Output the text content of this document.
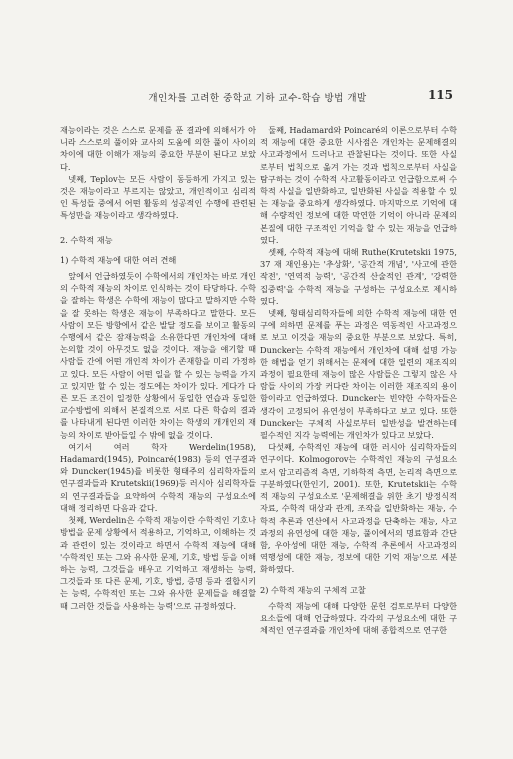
개인차를 고려한 중학교 기하 교수-학습 방법 개발	115

재능이라는 것은 스스로 문제를 푼 결과에 의해서가 아니라 스스로의 풀이와 교사의 도움에 의한 풀이 사이의 차이에 대한 이해가 재능의 중요한 부분이 된다고 보았다.

넷째, Teplov는 모든 사람이 동등하게 가지고 있는 것은 재능이라고 부르지는 않았고, 개인적이고 심리적인 특성들 중에서 어떤 활동의 성공적인 수행에 관련된 특성만을 재능이라고 생각하였다.

2. 수학적 재능

1) 수학적 재능에 대한 여러 견해

앞에서 언급하였듯이 수학에서의 개인차는 바로 개인의 수학적 재능의 차이로 인식하는 것이 타당하다. 수학을 잘하는 학생은 수학에 재능이 많다고 말하지만 수학을 잘 못하는 학생은 재능이 부족하다고 말한다. 모든 사람이 모든 방향에서 같은 발달 정도를 보이고 활동의 수행에서 같은 잠재능력을 소유한다면 개인차에 대해 논의할 것이 아무것도 없을 것이다. 재능을 얘기할 때 사람들 간에 어떤 개인적 차이가 존재함을 미리 가정하고 있다. 모든 사람이 어떤 일을 할 수 있는 능력을 가지고 있지만 할 수 있는 정도에는 차이가 있다. 게다가 다른 모든 조건이 일정한 상황에서 동일한 연습과 동일한 교수방법에 의해서 본질적으로 서로 다른 학습의 결과를 나타내게 된다면 이러한 차이는 학생의 개개인의 재능의 차이로 받아들일 수 밖에 없을 것이다.

여기서 여러 학자 Werdelin(1958), Hadamard(1945), Poincaré(1983) 등의 연구결과와 Duncker(1945)를 비롯한 형태주의 심리학자들의 연구결과들과 Krutetskii(1969)등 러시아 심리학자들의 연구결과들을 요약하여 수학적 재능의 구성요소에 대해 정리하면 다음과 같다.

첫째, Werdelin은 수학적 재능이란 수학적인 기호나 방법을 문제 상황에서 적용하고, 기억하고, 이해하는 것과 관련이 있는 것이라고 하면서 수학적 재능에 대해 '수학적인 또는 그와 유사한 문제, 기호, 방법 등을 이해하는 능력, 그것들을 배우고 기억하고 재생하는 능력, 그것들과 또 다른 문제, 기호, 방법, 증명 등과 결합시키는 능력, 수학적인 또는 그와 유사한 문제들을 해결할 때 그러한 것들을 사용하는 능력'으로 규정하였다.

둘째, Hadamard와 Poincaré의 이론으로부터 수학적 재능에 대한 중요한 시사점은 개인차는 문제해결의 사고과정에서 드러나고 관찰된다는 것이다. 또한 사실로부터 법칙으로 옮겨 가는 것과 법칙으로부터 사실을 탐구하는 것이 수학적 사고활동이라고 언급함으로써 수학적 사실을 일반화하고, 일반화된 사실을 적용할 수 있는 재능을 중요하게 생각하였다. 마지막으로 기억에 대해 수량적인 정보에 대한 막연한 기억이 아니라 문제의 본질에 대한 구조적인 기억을 할 수 있는 재능을 언급하였다.

셋째, 수학적 재능에 대해 Ruthe(Krutetskii 1975, 37 재 재인용)는 '추상화', '공간적 개념', '사고에 관한 작전', '연역적 능력', '공간적 산술적인 관계', '강력한 집중력'을 수학적 재능을 구성하는 구성요소로 제시하였다.

넷째, 형태심리학자들에 의한 수학적 재능에 대한 연구에 의하면 문제를 푸는 과정은 역동적인 사고과정으로 보고 이것을 재능의 중요한 부분으로 보았다. 특히, Duncker는 수학적 재능에서 개인차에 대해 설명 가능한 해법을 얻기 위해서는 문제에 대한 일련의 재조직의 과정이 필요한데 재능이 많은 사람들은 그렇지 않은 사람들 사이의 가장 커다란 차이는 이러한 재조직의 용이함이라고 언급하였다. Duncker는 빈약한 수학자들은 생각이 고정되어 유연성이 부족하다고 보고 있다. 또한 Duncker는 구체적 사실로부터 일반성을 발견하는데 필수적인 지각 능력에는 개인차가 있다고 보았다.

다섯째, 수학적인 재능에 대한 러시아 심리학자들의 연구이다. Kolmogorov는 수학적인 재능의 구성요소로서 암고리즘적 측면, 기하학적 측면, 논리적 측면으로 구분하였다(한인기, 2001). 또한, Krutetskii는 수학적 재능의 구성요소로 '문제해결을 위한 초기 방정식적 자료, 수학적 대상과 관계, 조작을 일반화하는 재능, 수학적 추론과 연산에서 사고과정을 단축하는 재능, 사고과정의 유연성에 대한 재능, 풀이에서의 명료함과 간단함, 우아성에 대한 재능, 수학적 추론에서 사고과정의 역행성에 대한 재능, 정보에 대한 기억 재능'으로 세분화하였다.

2) 수학적 재능의 구체적 고찰

수학적 재능에 대해 다양한 문헌 검토로부터 다양한 요소들에 대해 언급하였다. 각각의 구성요소에 대한 구체적인 연구결과를 개인차에 대해 종합적으로 연구한
